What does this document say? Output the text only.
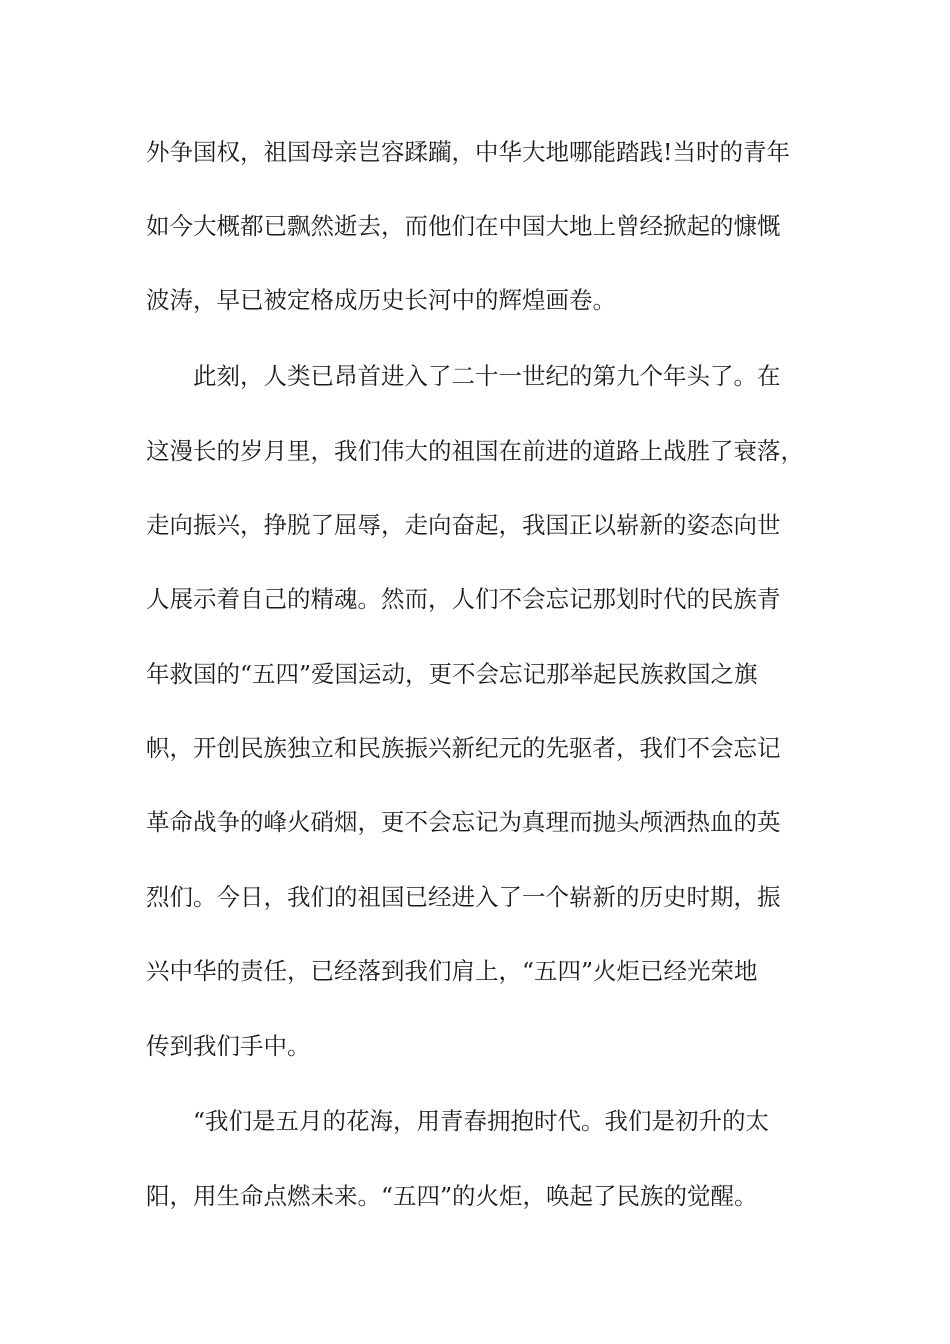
外争国权，祖国母亲岂容蹂躏，中华大地哪能踏践!当时的青年
如今大概都已飘然逝去，而他们在中国大地上曾经掀起的慷慨
波涛，早已被定格成历史长河中的辉煌画卷。
此刻，人类已昂首进入了二十一世纪的第九个年头了。在
这漫长的岁月里，我们伟大的祖国在前进的道路上战胜了衰落，
走向振兴，挣脱了屈辱，走向奋起，我国正以崭新的姿态向世
人展示着自己的精魂。然而，人们不会忘记那划时代的民族青
年救国的“五四”爱国运动，更不会忘记那举起民族救国之旗
帜，开创民族独立和民族振兴新纪元的先驱者，我们不会忘记
革命战争的峰火硝烟，更不会忘记为真理而抛头颅洒热血的英
烈们。今日，我们的祖国已经进入了一个崭新的历史时期，振
兴中华的责任，已经落到我们肩上，“五四”火炬已经光荣地
传到我们手中。
“我们是五月的花海，用青春拥抱时代。我们是初升的太
阳，用生命点燃未来。“五四”的火炬，唤起了民族的觉醒。
